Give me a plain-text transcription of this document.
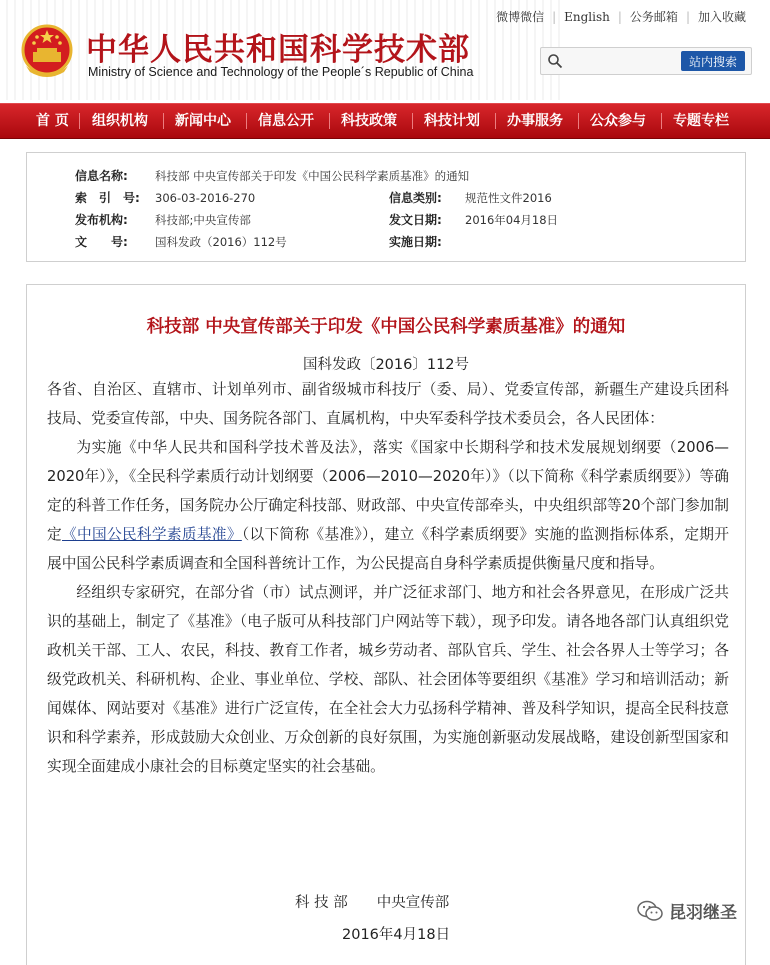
中华人民共和国科学技术部
Ministry of Science and Technology of the People´s Republic of China
微博微信 | English | 公务邮箱 | 加入收藏
站内搜索
首 页 组织机构 新闻中心 信息公开 科技政策 科技计划 办事服务 公众参与 专题专栏
信息名称:	科技部 中央宣传部关于印发《中国公民科学素质基准》的通知
索　引　号:	306-03-2016-270	信息类别:	规范性文件2016
发布机构:	科技部;中央宣传部	发文日期:	2016年04月18日
文　　号:	国科发政（2016）112号	实施日期:
科技部 中央宣传部关于印发《中国公民科学素质基准》的通知
国科发政〔2016〕112号

各省、自治区、直辖市、计划单列市、副省级城市科技厅（委、局）、党委宣传部，新疆生产建设兵团科技局、党委宣传部，中央、国务院各部门、直属机构，中央军委科学技术委员会，各人民团体：

为实施《中华人民共和国科学技术普及法》，落实《国家中长期科学和技术发展规划纲要（2006—2020年）》，《全民科学素质行动计划纲要（2006—2010—2020年）》（以下简称《科学素质纲要》）等确定的科普工作任务，国务院办公厅确定科技部、财政部、中央宣传部牵头，中央组织部等20个部门参加制定《中国公民科学素质基准》（以下简称《基准》），建立《科学素质纲要》实施的监测指标体系，定期开展中国公民科学素质调查和全国科普统计工作，为公民提高自身科学素质提供衡量尺度和指导。

经组织专家研究，在部分省（市）试点测评，并广泛征求部门、地方和社会各界意见，在形成广泛共识的基础上，制定了《基准》（电子版可从科技部门户网站等下载），现予印发。请各地各部门认真组织党政机关干部、工人、农民，科技、教育工作者，城乡劳动者、部队官兵、学生、社会各界人士等学习；各级党政机关、科研机构、企业、事业单位、学校、部队、社会团体等要组织《基准》学习和培训活动；新闻媒体、网站要对《基准》进行广泛宣传，在全社会大力弘扬科学精神、普及科学知识，提高全民科技意识和科学素养，形成鼓励大众创业、万众创新的良好氛围，为实施创新驱动发展战略，建设创新型国家和实现全面建成小康社会的目标奠定坚实的社会基础。

科 技 部　　中央宣传部
2016年4月18日
昆羽继圣
